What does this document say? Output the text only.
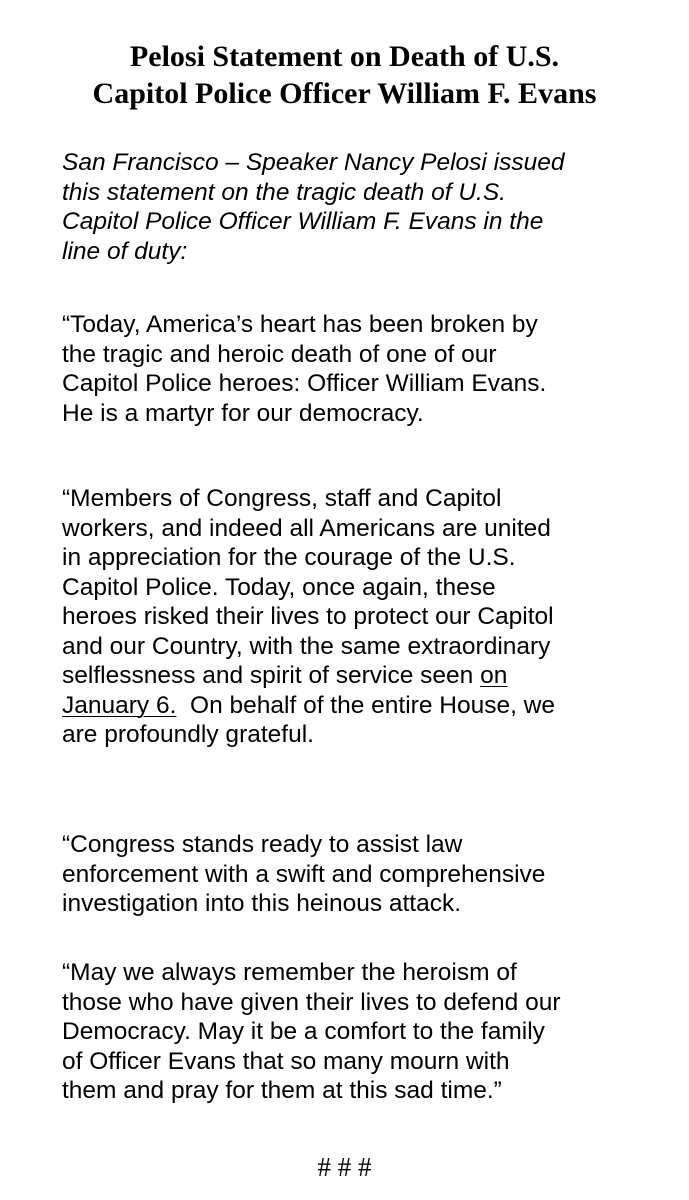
Pelosi Statement on Death of U.S.
Capitol Police Officer William F. Evans

San Francisco – Speaker Nancy Pelosi issued
this statement on the tragic death of U.S.
Capitol Police Officer William F. Evans in the
line of duty:

“Today, America’s heart has been broken by
the tragic and heroic death of one of our
Capitol Police heroes: Officer William Evans.
He is a martyr for our democracy.

“Members of Congress, staff and Capitol
workers, and indeed all Americans are united
in appreciation for the courage of the U.S.
Capitol Police. Today, once again, these
heroes risked their lives to protect our Capitol
and our Country, with the same extraordinary
selflessness and spirit of service seen on
January 6.  On behalf of the entire House, we
are profoundly grateful.

“Congress stands ready to assist law
enforcement with a swift and comprehensive
investigation into this heinous attack.

“May we always remember the heroism of
those who have given their lives to defend our
Democracy. May it be a comfort to the family
of Officer Evans that so many mourn with
them and pray for them at this sad time.”

# # #
